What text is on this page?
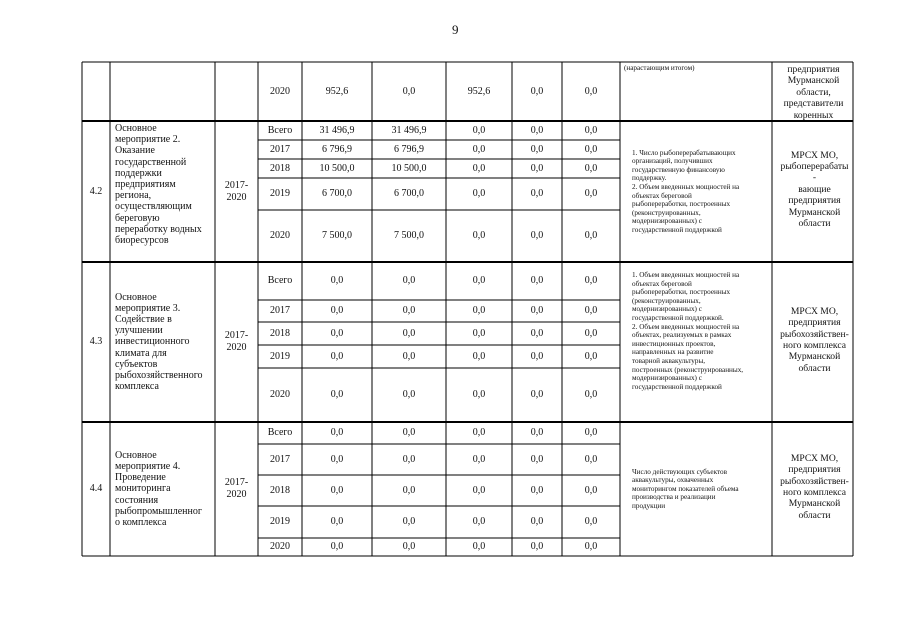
9
2020	952,6	0,0	952,6	0,0	0,0
(нарастающим итогом)	предприятия
Мурманской
области,
представители
коренных
4.2
Основное
мероприятие 2.
Оказание
государственной
поддержки
предприятиям
региона,
осуществляющим
береговую
переработку водных
биоресурсов
2017-
2020
Всего	31 496,9	31 496,9	0,0	0,0	0,0
2017	6 796,9	6 796,9	0,0	0,0	0,0
2018	10 500,0	10 500,0	0,0	0,0	0,0
2019	6 700,0	6 700,0	0,0	0,0	0,0
2020	7 500,0	7 500,0	0,0	0,0	0,0
1. Число рыбоперерабатывающих
организаций, получивших
государственную финансовую
поддержку.
2. Объем введенных мощностей на
объектах береговой
рыбопереработки, построенных
(реконструированных,
модернизированных) с
государственной поддержкой
МРСХ МО,
рыбоперерабаты
-
вающие
предприятия
Мурманской
области
4.3
Основное
мероприятие 3.
Содействие в
улучшении
инвестиционного
климата для
субъектов
рыбохозяйственного
комплекса
2017-
2020
Всего	0,0	0,0	0,0	0,0	0,0
2017	0,0	0,0	0,0	0,0	0,0
2018	0,0	0,0	0,0	0,0	0,0
2019	0,0	0,0	0,0	0,0	0,0
2020	0,0	0,0	0,0	0,0	0,0
1. Объем введенных мощностей на
объектах береговой
рыбопереработки, построенных
(реконструированных,
модернизированных) с
государственной поддержкой.
2. Объем введенных мощностей на
объектах, реализуемых в рамках
инвестиционных проектов,
направленных на развитие
товарной аквакультуры,
построенных (реконструированных,
модернизированных) с
государственной поддержкой
МРСХ МО,
предприятия
рыбохозяйствен-
ного комплекса
Мурманской
области
4.4
Основное
мероприятие 4.
Проведение
мониторинга
состояния
рыбопромышленног
о комплекса
2017-
2020
Всего	0,0	0,0	0,0	0,0	0,0
2017	0,0	0,0	0,0	0,0	0,0
2018	0,0	0,0	0,0	0,0	0,0
2019	0,0	0,0	0,0	0,0	0,0
2020	0,0	0,0	0,0	0,0	0,0
Число действующих субъектов
аквакультуры, охваченных
мониторингом показателей объема
производства и реализации
продукции
МРСХ МО,
предприятия
рыбохозяйствен-
ного комплекса
Мурманской
области
